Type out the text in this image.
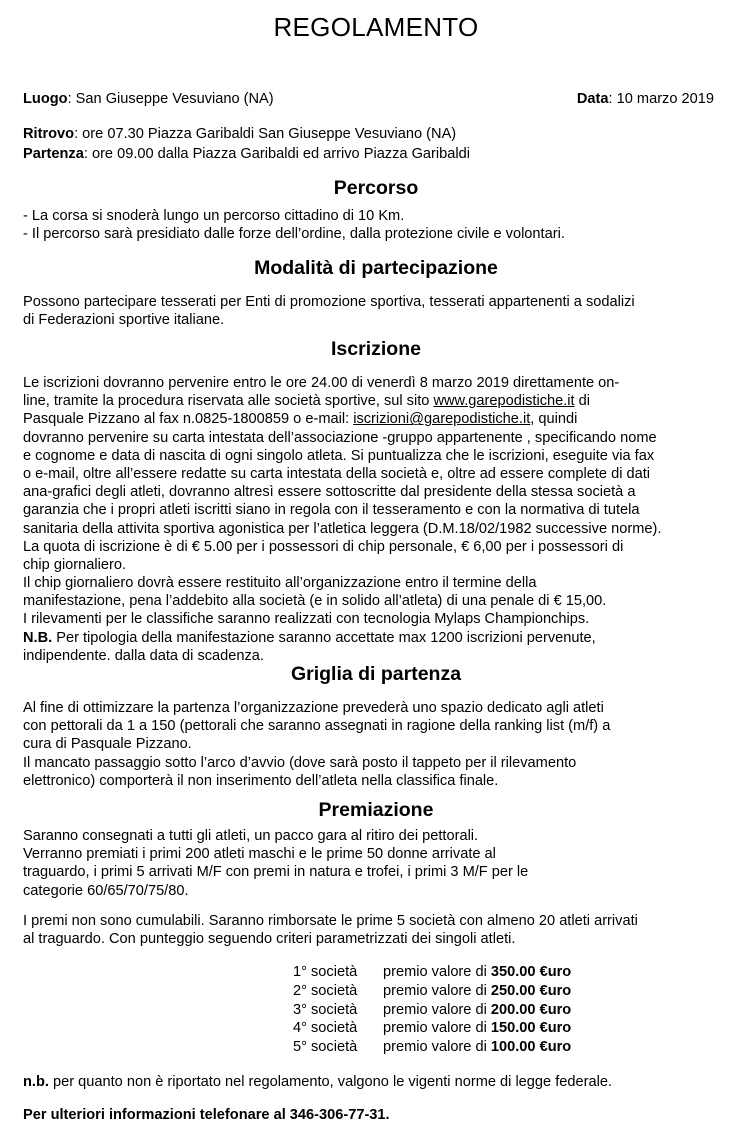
REGOLAMENTO
Luogo: San Giuseppe Vesuviano (NA)	Data: 10 marzo 2019
Ritrovo: ore 07.30 Piazza Garibaldi San Giuseppe Vesuviano (NA)
Partenza: ore 09.00 dalla Piazza Garibaldi ed arrivo Piazza Garibaldi
Percorso
- La corsa si snoderà lungo un percorso cittadino di 10 Km.
- Il percorso sarà presidiato dalle forze dell’ordine, dalla protezione civile e volontari.
Modalità di partecipazione
Possono partecipare tesserati per Enti di promozione sportiva, tesserati appartenenti a sodalizi
di Federazioni sportive italiane.
Iscrizione
Le iscrizioni dovranno pervenire entro le ore 24.00 di venerdì 8 marzo 2019 direttamente on-
line, tramite la procedura riservata alle società sportive, sul sito www.garepodistiche.it di
Pasquale Pizzano al fax n.0825-1800859 o e-mail: iscrizioni@garepodistiche.it, quindi
dovranno pervenire su carta intestata dell’associazione -gruppo appartenente , specificando nome
e cognome e data di nascita di ogni singolo atleta. Si puntualizza che le iscrizioni, eseguite via fax
o e-mail, oltre all’essere redatte su carta intestata della società e, oltre ad essere complete di dati
ana-grafici degli atleti, dovranno altresì essere sottoscritte dal presidente della stessa società a
garanzia che i propri atleti iscritti siano in regola con il tesseramento e con la normativa di tutela
sanitaria della attivita sportiva agonistica per l’atletica leggera (D.M.18/02/1982 successive norme).
La quota di iscrizione è di € 5.00 per i possessori di chip personale, € 6,00 per i possessori di
chip giornaliero.
Il chip giornaliero dovrà essere restituito all’organizzazione entro il termine della
manifestazione, pena l’addebito alla società (e in solido all’atleta) di una penale di € 15,00.
I rilevamenti per le classifiche saranno realizzati con tecnologia Mylaps Championchips.
N.B. Per tipologia della manifestazione saranno accettate max 1200 iscrizioni pervenute,
indipendente. dalla data di scadenza.
Griglia di partenza
Al fine di ottimizzare la partenza l’organizzazione prevederà uno spazio dedicato agli atleti
con pettorali da 1 a 150 (pettorali che saranno assegnati in ragione della ranking list (m/f) a
cura di Pasquale Pizzano.
Il mancato passaggio sotto l’arco d’avvio (dove sarà posto il tappeto per il rilevamento
elettronico) comporterà il non inserimento dell’atleta nella classifica finale.
Premiazione
Saranno consegnati a tutti gli atleti, un pacco gara al ritiro dei pettorali.
Verranno premiati i primi 200 atleti maschi e le prime 50 donne arrivate al
traguardo, i primi 5 arrivati M/F con premi in natura e trofei, i primi 3 M/F per le
categorie 60/65/70/75/80.
I premi non sono cumulabili. Saranno rimborsate le prime 5 società con almeno 20 atleti arrivati
al traguardo. Con punteggio seguendo criteri parametrizzati dei singoli atleti.
1° società	premio valore di 350.00 €uro
2° società	premio valore di 250.00 €uro
3° società	premio valore di 200.00 €uro
4° società	premio valore di 150.00 €uro
5° società	premio valore di 100.00 €uro
n.b. per quanto non è riportato nel regolamento, valgono le vigenti norme di legge federale.
Per ulteriori informazioni telefonare al 346-306-77-31.
